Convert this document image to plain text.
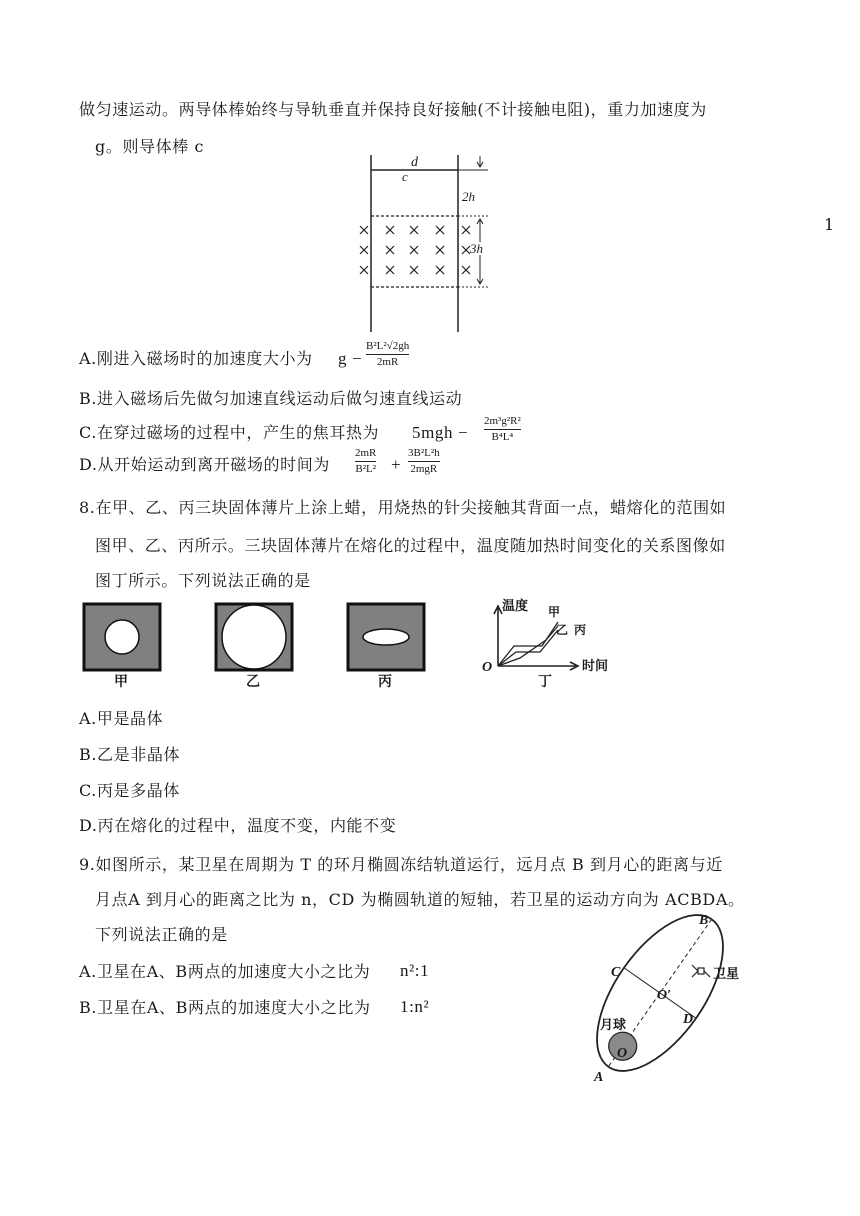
做匀速运动。两导体棒始终与导轨垂直并保持良好接触(不计接触电阻)，重力加速度为
g。则导体棒 c
1
d
c
2h
3h
A.刚进入磁场时的加速度大小为 g −
B²L²√2gh
2mR
B.进入磁场后先做匀加速直线运动后做匀速直线运动
C.在穿过磁场的过程中，产生的焦耳热为 5mgh −
2m³g²R²
B⁴L⁴
D.从开始运动到离开磁场的时间为
2mR
B²L² +
3B²L²h
2mgR
8.在甲、乙、丙三块固体薄片上涂上蜡，用烧热的针尖接触其背面一点，蜡熔化的范围如
图甲、乙、丙所示。三块固体薄片在熔化的过程中，温度随加热时间变化的关系图像如
图丁所示。下列说法正确的是
甲	乙	丙	丁
温度
时间
O
甲
乙 丙
A.甲是晶体
B.乙是非晶体
C.丙是多晶体
D.丙在熔化的过程中，温度不变，内能不变
9.如图所示，某卫星在周期为 T 的环月椭圆冻结轨道运行，远月点 B 到月心的距离与近
月点A 到月心的距离之比为 n，CD 为椭圆轨道的短轴，若卫星的运动方向为 ACBDA。
下列说法正确的是
A.卫星在A、B两点的加速度大小之比为 n²:1
B.卫星在A、B两点的加速度大小之比为 1:n²
B
C
O′
卫星
D
月球
O
A
